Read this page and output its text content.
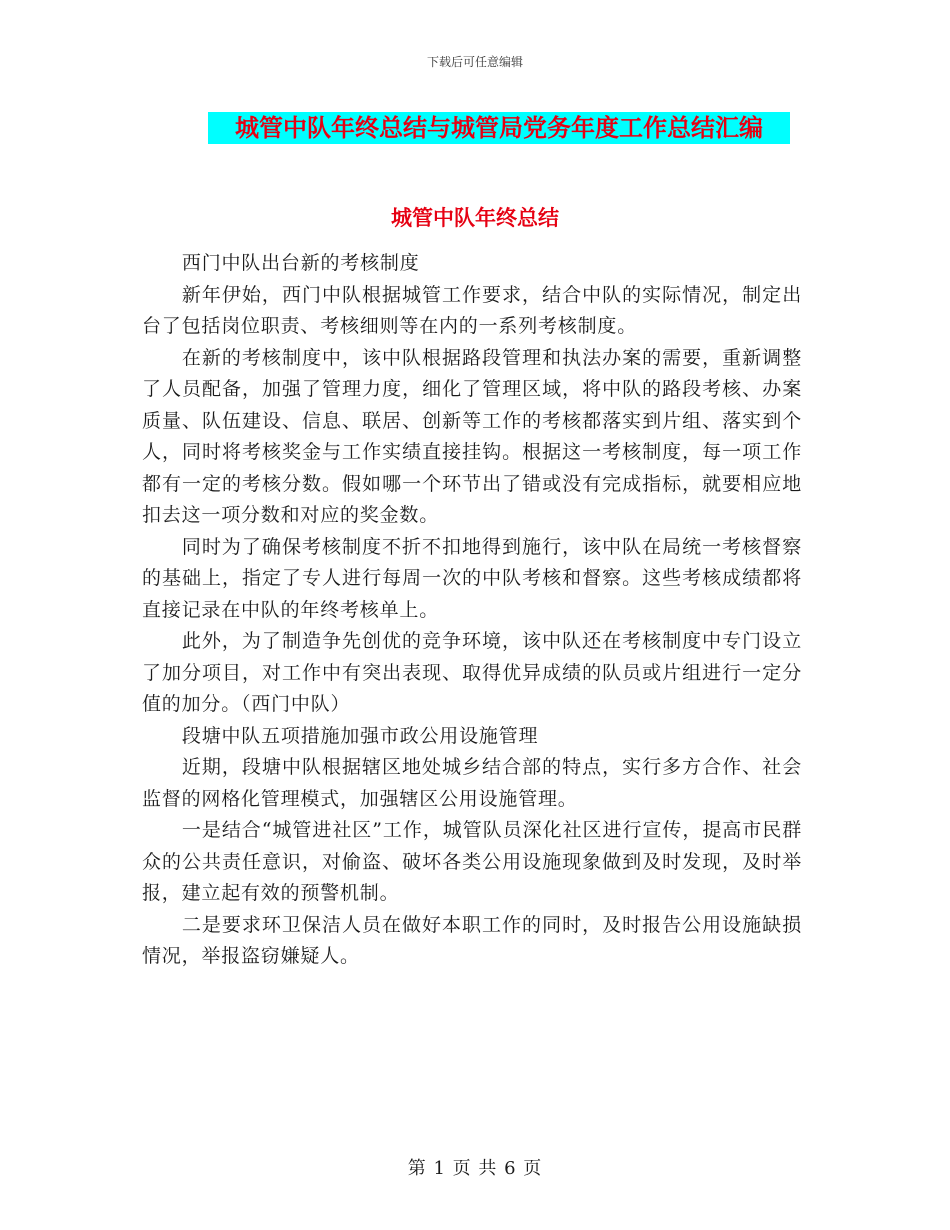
下载后可任意编辑
城管中队年终总结与城管局党务年度工作总结汇编
城管中队年终总结

西门中队出台新的考核制度

新年伊始，西门中队根据城管工作要求，结合中队的实际情况，制定出台了包括岗位职责、考核细则等在内的一系列考核制度。

在新的考核制度中，该中队根据路段管理和执法办案的需要，重新调整了人员配备，加强了管理力度，细化了管理区域，将中队的路段考核、办案质量、队伍建设、信息、联居、创新等工作的考核都落实到片组、落实到个人，同时将考核奖金与工作实绩直接挂钩。根据这一考核制度，每一项工作都有一定的考核分数。假如哪一个环节出了错或没有完成指标，就要相应地扣去这一项分数和对应的奖金数。

同时为了确保考核制度不折不扣地得到施行，该中队在局统一考核督察的基础上，指定了专人进行每周一次的中队考核和督察。这些考核成绩都将直接记录在中队的年终考核单上。

此外，为了制造争先创优的竞争环境，该中队还在考核制度中专门设立了加分项目，对工作中有突出表现、取得优异成绩的队员或片组进行一定分值的加分。（西门中队）

段塘中队五项措施加强市政公用设施管理

近期，段塘中队根据辖区地处城乡结合部的特点，实行多方合作、社会监督的网格化管理模式，加强辖区公用设施管理。

一是结合“城管进社区”工作，城管队员深化社区进行宣传，提高市民群众的公共责任意识，对偷盗、破坏各类公用设施现象做到及时发现，及时举报，建立起有效的预警机制。

二是要求环卫保洁人员在做好本职工作的同时，及时报告公用设施缺损情况，举报盗窃嫌疑人。

第 1 页 共 6 页
